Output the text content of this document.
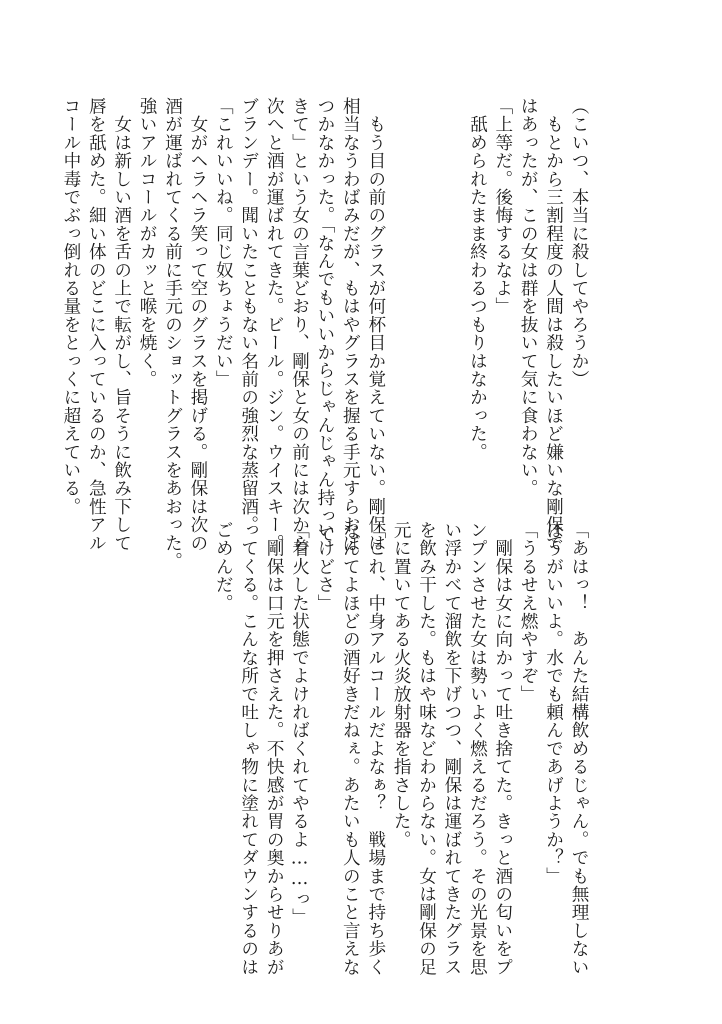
（こいつ、本当に殺してやろうか）

　もとから三割程度の人間は殺したいほど嫌いな剛保で

はあったが、この女は群を抜いて気に食わない。

「上等だ。後悔するなよ」

　舐められたまま終わるつもりはなかった。

　もう目の前のグラスが何杯目か覚えていない。剛保は

相当なうわばみだが、もはやグラスを握る手元すらおぼ

つかなかった。「なんでもいいからじゃんじゃん持って

きて」という女の言葉どおり、剛保と女の前には次から

次へと酒が運ばれてきた。ビール。ジン。ウイスキー。

ブランデー。聞いたこともない名前の強烈な蒸留酒。

「これいいね。同じ奴ちょうだい」

　女がヘラヘラ笑って空のグラスを掲げる。剛保は次の

酒が運ばれてくる前に手元のショットグラスをあおった。

強いアルコールがカッと喉を焼く。

　女は新しい酒を舌の上で転がし、旨そうに飲み下して

唇を舐めた。細い体のどこに入っているのか、急性アル

コール中毒でぶっ倒れる量をとっくに超えている。

「あはっ！　あんた結構飲めるじゃん。でも無理しない

ほうがいいよ。水でも頼んであげようか？」

「うるせえ燃やすぞ」

　剛保は女に向かって吐き捨てた。きっと酒の匂いをプ

ンプンさせた女は勢いよく燃えるだろう。その光景を思

い浮かべて溜飲を下げつつ、剛保は運ばれてきたグラス

を飲み干した。もはや味などわからない。女は剛保の足

元に置いてある火炎放射器を指さした。

「これ、中身アルコールだよなぁ？　戦場まで持ち歩く

なんてよほどの酒好きだねぇ。あたいも人のこと言えな

いけどさ」

「着火した状態でよければくれてやるよ……っ」

　剛保は口元を押さえた。不快感が胃の奥からせりあが

ってくる。こんな所で吐しゃ物に塗れてダウンするのは

ごめんだ。
